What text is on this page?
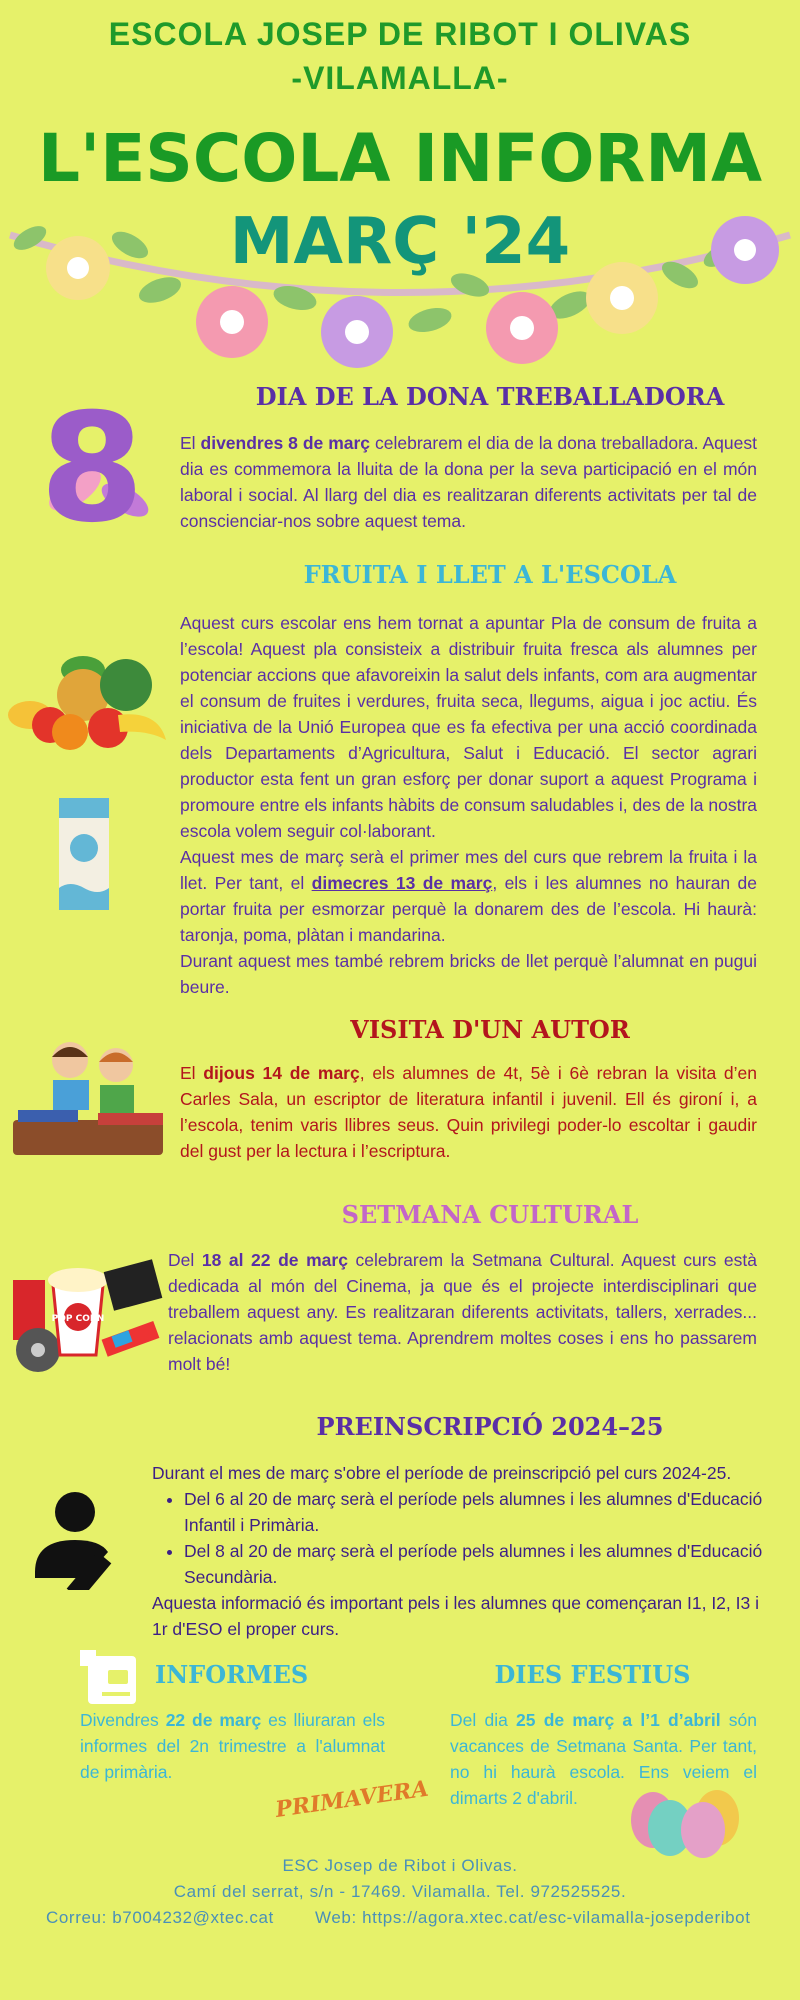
ESCOLA JOSEP DE RIBOT I OLIVAS
-VILAMALLA-
L'ESCOLA INFORMA
MARÇ '24
DIA DE LA DONA TREBALLADORA
8 El divendres 8 de març celebrarem el dia de la dona treballadora. Aquest dia es commemora la lluita de la dona per la seva participació en el món laboral i social. Al llarg del dia es realitzaran diferents activitats per tal de conscienciar-nos sobre aquest tema.
FRUITA I LLET A L'ESCOLA
Aquest curs escolar ens hem tornat a apuntar Pla de consum de fruita a l’escola! Aquest pla consisteix a distribuir fruita fresca als alumnes per potenciar accions que afavoreixin la salut dels infants, com ara augmentar el consum de fruites i verdures, fruita seca, llegums, aigua i joc actiu. És iniciativa de la Unió Europea que es fa efectiva per una acció coordinada dels Departaments d’Agricultura, Salut i Educació. El sector agrari productor esta fent un gran esforç per donar suport a aquest Programa i promoure entre els infants hàbits de consum saludables i, des de la nostra escola volem seguir col·laborant.
Aquest mes de març serà el primer mes del curs que rebrem la fruita i la llet. Per tant, el dimecres 13 de març, els i les alumnes no hauran de portar fruita per esmorzar perquè la donarem des de l’escola. Hi haurà: taronja, poma, plàtan i mandarina.
Durant aquest mes també rebrem bricks de llet perquè l’alumnat en pugui beure.
VISITA D'UN AUTOR
El dijous 14 de març, els alumnes de 4t, 5è i 6è rebran la visita d’en Carles Sala, un escriptor de literatura infantil i juvenil. Ell és gironí i, a l’escola, tenim varis llibres seus. Quin privilegi poder-lo escoltar i gaudir del gust per la lectura i l’escriptura.
SETMANA CULTURAL
POP CORN
Del 18 al 22 de març celebrarem la Setmana Cultural. Aquest curs està dedicada al món del Cinema, ja que és el projecte interdisciplinari que treballem aquest any. Es realitzaran diferents activitats, tallers, xerrades... relacionats amb aquest tema. Aprendrem moltes coses i ens ho passarem molt bé!
PREINSCRIPCIÓ 2024–25
Durant el mes de març s'obre el període de preinscripció pel curs 2024-25.
• Del 6 al 20 de març serà el període pels alumnes i les alumnes d'Educació Infantil i Primària.
• Del 8 al 20 de març serà el període pels alumnes i les alumnes d'Educació Secundària.
Aquesta informació és important pels i les alumnes que començaran I1, I2, I3 i 1r d'ESO el proper curs.
INFORMES
Divendres 22 de març es lliuraran els informes del 2n trimestre a l'alumnat de primària.
DIES FESTIUS
Del dia 25 de març a l’1 d’abril són vacances de Setmana Santa. Per tant, no hi haurà escola. Ens veiem el dimarts 2 d'abril.
PRIMAVERA
ESC Josep de Ribot i Olivas.
Camí del serrat, s/n - 17469. Vilamalla. Tel. 972525525.
Correu: b7004232@xtec.cat Web: https://agora.xtec.cat/esc-vilamalla-josepderibot
